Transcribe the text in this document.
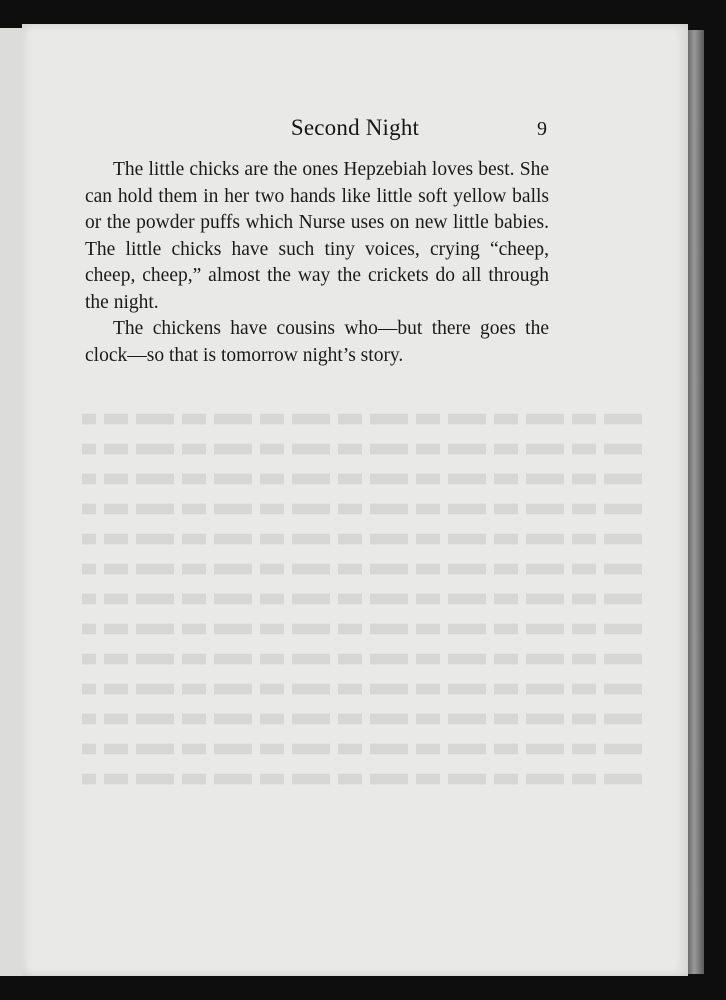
Second Night	9

The little chicks are the ones Hepzebiah loves best. She can hold them in her two hands like little soft yellow balls or the powder puffs which Nurse uses on new little babies. The little chicks have such tiny voices, crying “cheep, cheep, cheep,” almost the way the crickets do all through the night.

The chickens have cousins who—but there goes the clock—so that is tomorrow night’s story.
